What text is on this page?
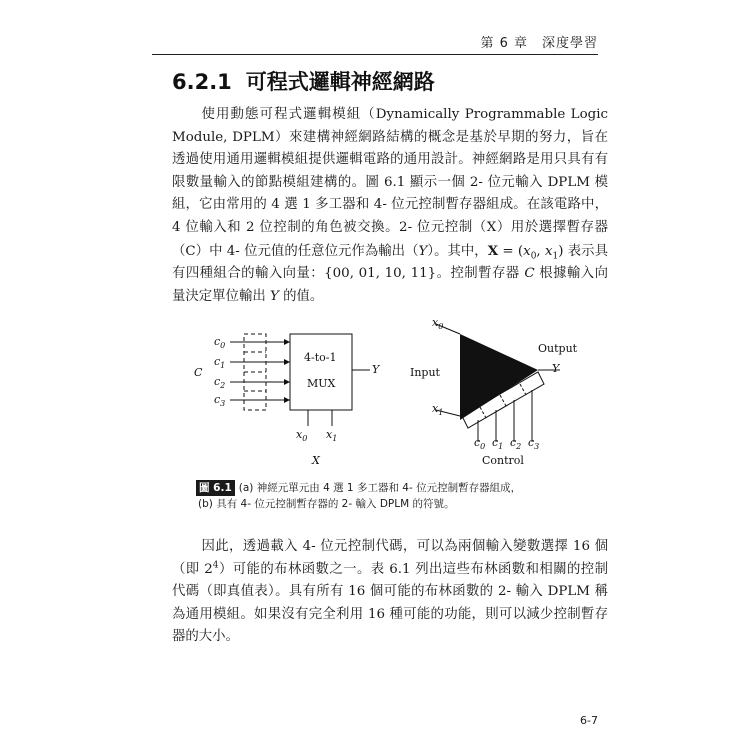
第 6 章　深度學習
6.2.1 可程式邏輯神經網路

使用動態可程式邏輯模組（Dynamically Programmable Logic Module, DPLM）來建構神經網路結構的概念是基於早期的努力，旨在透過使用通用邏輯模組提供邏輯電路的通用設計。神經網路是用只具有有限數量輸入的節點模組建構的。圖 6.1 顯示一個 2- 位元輸入 DPLM 模組，它由常用的 4 選 1 多工器和 4- 位元控制暫存器組成。在該電路中，4 位輸入和 2 位控制的角色被交換。2- 位元控制（X）用於選擇暫存器（C）中 4- 位元值的任意位元作為輸出（Y）。其中，$X = (x_0$, $x_1$) 表示具有四種組合的輸入向量：{00, 01, 10, 11}。控制暫存器 C 根據輸入向量決定單位輸出 Y 的值。

$c_0$
$c_1$
$c_2$
$c_3$
C	Y
$x_0$ $x_1$
X
4-to-1
MUX
$x_0$
$x_1$
Input
Output
Y
$c_0$ $c_1$ $c_2$ $c_3$
Control
圖 6.1 (a) 神經元單元由 4 選 1 多工器和 4- 位元控制暫存器組成，
(b) 具有 4- 位元控制暫存器的 2- 輸入 DPLM 的符號。

因此，透過載入 4- 位元控制代碼，可以為兩個輸入變數選擇 16 個（即 $2^4$）可能的布林函數之一。表 6.1 列出這些布林函數和相關的控制代碼（即真值表）。具有所有 16 個可能的布林函數的 2- 輸入 DPLM 稱為通用模組。如果沒有完全利用 16 種可能的功能，則可以減少控制暫存器的大小。

6-7
